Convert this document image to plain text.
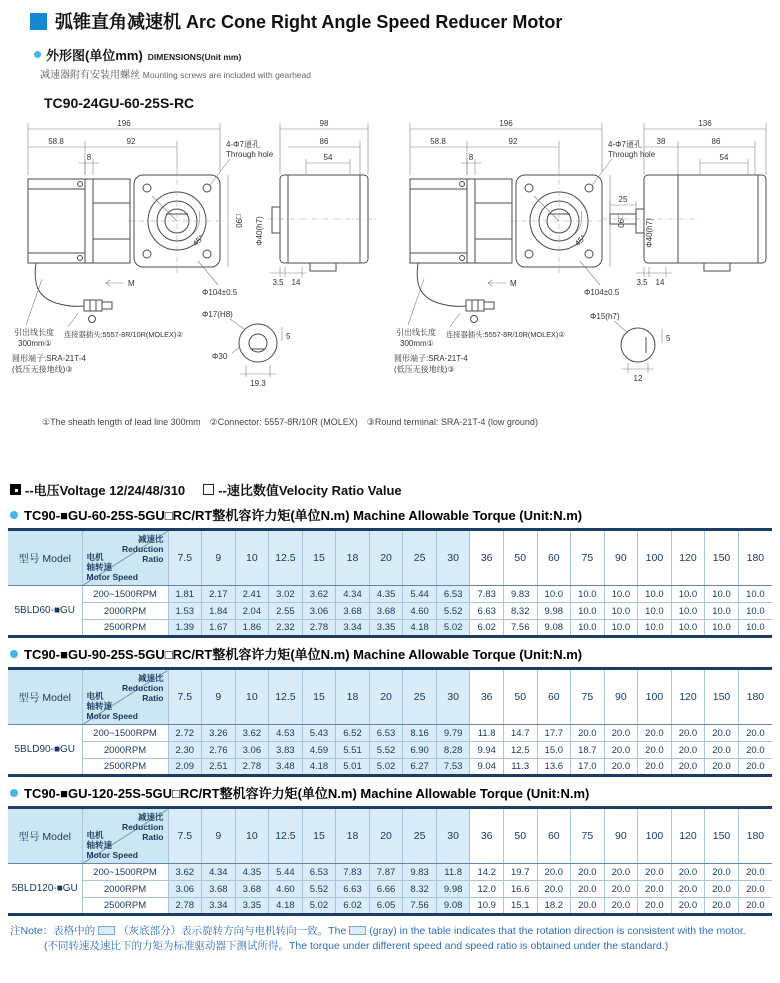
弧锥直角减速机 Arc Cone Right Angle Speed Reducer Motor
外形图(单位mm) DIMENSIONS(Unit mm)
减速器附有安装用螺丝 Mounting screws are included with gearhead
TC90-24GU-60-25S-RC
196
58.8	92
8
45°
4-Φ7通孔
Through hole
□90
Φ104±0.5
M
引出线长度
300mm①
连接器插头:5557-8R/10R(MOLEX)②
圆形端子:SRA-21T-4
(低压无接地线)③
Φ17(H8)
Φ30
19.3
5
98
86
54
Φ40(h7)
3.5 14
196
58.8	92
8
45°
4-Φ7通孔
Through hole
□90
Φ104±0.5
M
引出线长度
300mm①
连接器插头:5557-8R/10R(MOLEX)②
圆形端子:SRA-21T-4
(低压无接地线)③
Φ15(h7)
12
5
25
136
38	86
54
Φ40(h7)
3.5 14
①The sheath length of lead line 300mm　②Connector: 5557-8R/10R (MOLEX)　③Round terminal: SRA-21T-4 (low ground)
--电压Voltage 12/24/48/310	--速比数值Velocity Ratio Value
TC90-■GU-60-25S-5GU□RC/RT整机容许力矩(单位N.m) Machine Allowable Torque (Unit:N.m)
型号 Model	
减速比
Reduction
Ratio
电机
轴转速
Motor Speed
	7.5	9	10	12.5	15	18	20	25	30	36	50	60	75	90	100	120	150	180
5BLD60-■GU	200~1500RPM	1.81	2.17	2.41	3.02	3.62	4.34	4.35	5.44	6.53	7.83	9.83	10.0	10.0	10.0	10.0	10.0	10.0	10.0
	2000RPM	1.53	1.84	2.04	2.55	3.06	3.68	3.68	4.60	5.52	6.63	8.32	9.98	10.0	10.0	10.0	10.0	10.0	10.0
	2500RPM	1.39	1.67	1.86	2.32	2.78	3.34	3.35	4.18	5.02	6.02	7.56	9.08	10.0	10.0	10.0	10.0	10.0	10.0
TC90-■GU-90-25S-5GU□RC/RT整机容许力矩(单位N.m) Machine Allowable Torque (Unit:N.m)
型号 Model	
减速比
Reduction
Ratio
电机
轴转速
Motor Speed
	7.5	9	10	12.5	15	18	20	25	30	36	50	60	75	90	100	120	150	180
5BLD90-■GU	200~1500RPM	2.72	3.26	3.62	4.53	5.43	6.52	6.53	8.16	9.79	11.8	14.7	17.7	20.0	20.0	20.0	20.0	20.0	20.0
	2000RPM	2.30	2.76	3.06	3.83	4.59	5.51	5.52	6.90	8.28	9.94	12.5	15.0	18.7	20.0	20.0	20.0	20.0	20.0
	2500RPM	2.09	2.51	2.78	3.48	4.18	5.01	5.02	6.27	7.53	9.04	11.3	13.6	17.0	20.0	20.0	20.0	20.0	20.0
TC90-■GU-120-25S-5GU□RC/RT整机容许力矩(单位N.m) Machine Allowable Torque (Unit:N.m)
型号 Model	
减速比
Reduction
Ratio
电机
轴转速
Motor Speed
	7.5	9	10	12.5	15	18	20	25	30	36	50	60	75	90	100	120	150	180
5BLD120-■GU	200~1500RPM	3.62	4.34	4.35	5.44	6.53	7.83	7.87	9.83	11.8	14.2	19.7	20.0	20.0	20.0	20.0	20.0	20.0	20.0
	2000RPM	3.06	3.68	3.68	4.60	5.52	6.63	6.66	8.32	9.98	12.0	16.6	20.0	20.0	20.0	20.0	20.0	20.0	20.0
	2500RPM	2.78	3.34	3.35	4.18	5.02	6.02	6.05	7.56	9.08	10.9	15.1	18.2	20.0	20.0	20.0	20.0	20.0	20.0
注Note：表格中的 （灰底部分）表示旋转方向与电机转向一致。The (gray) in the table indicates that the rotation direction is consistent with the motor.
(不同转速及速比下的力矩为标准驱动器下测试所得。The torque under different speed and speed ratio is obtained under the standard.)
